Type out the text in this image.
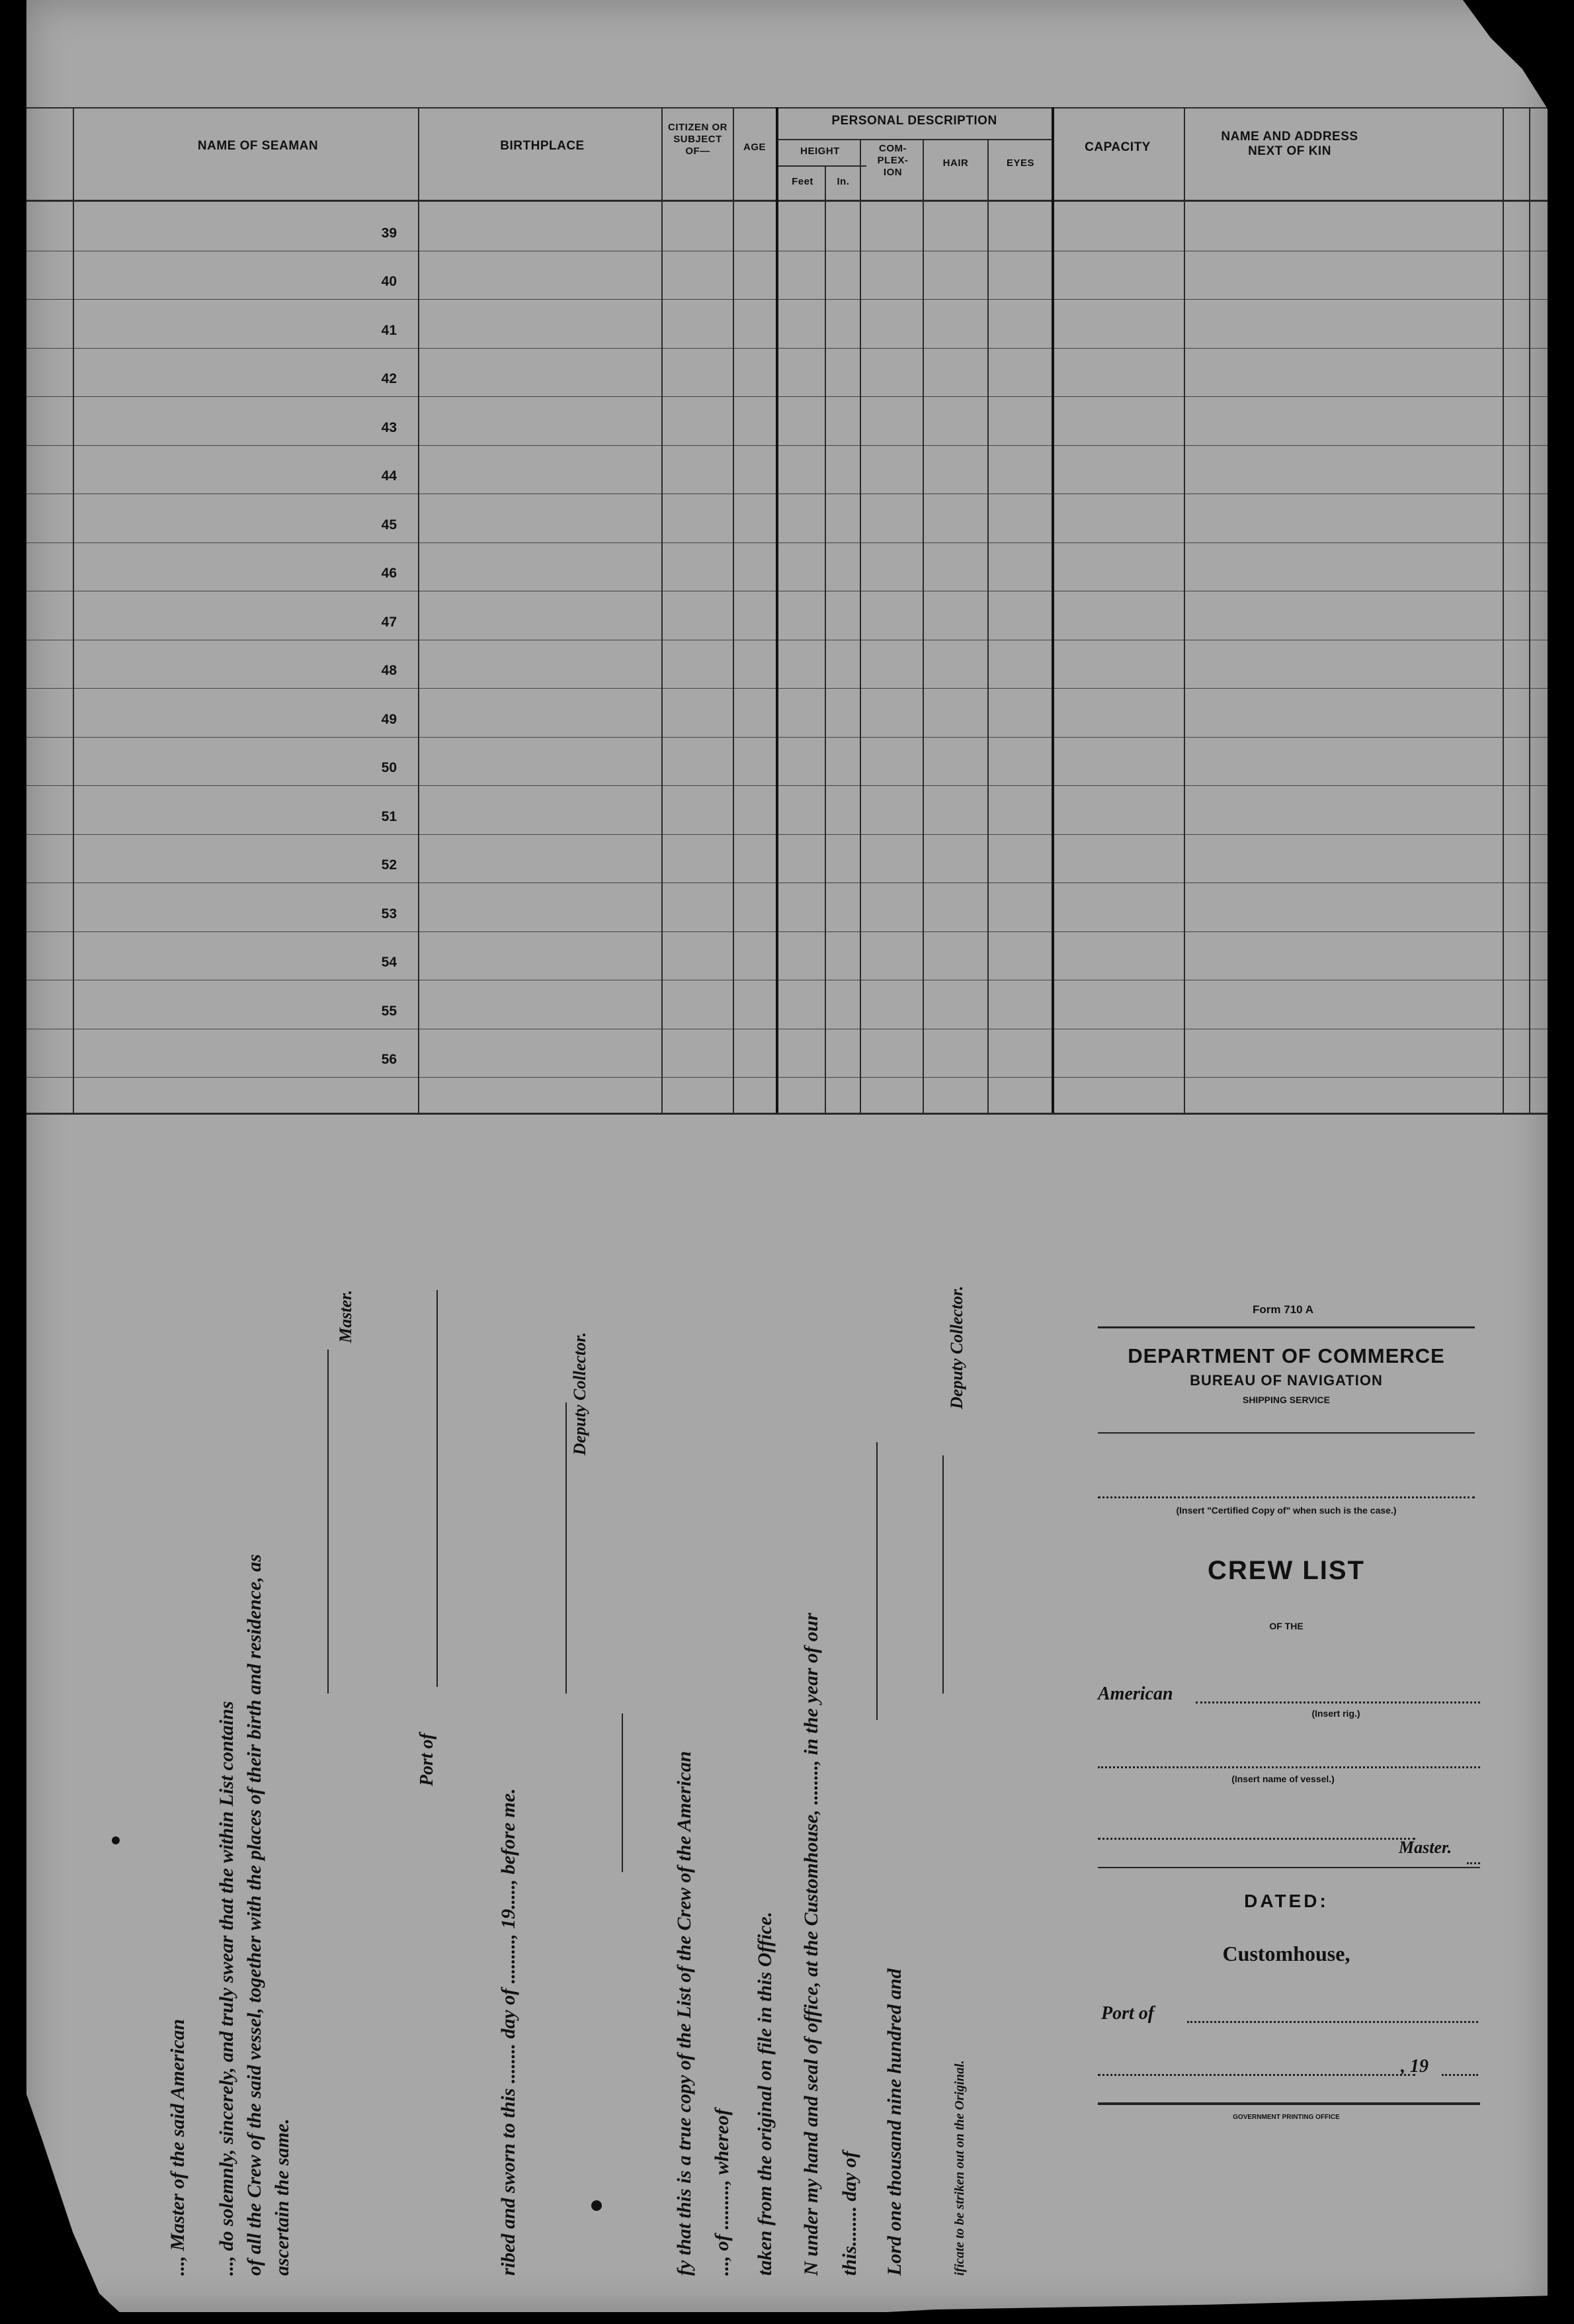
NAME OF SEAMAN	BIRTHPLACE
CITIZEN OR SUBJECT OF—	AGE
PERSONAL DESCRIPTION
HEIGHT
Feet	In.
COM- PLEX- ION
HAIR	EYES
CAPACITY
NAME AND ADDRESS NEXT OF KIN
39
40
41
42
43
44
45
46
47
48
49
50
51
52
53
54
55
56
..., Master of the said American ..., do solemnly, sincerely, and truly swear that the within List contains of all the Crew of the said vessel, together with the places of their birth and residence, as ascertain the same.
Master.
Port of
ribed and sworn to this ........ day of ........., 19....., before me.
Deputy Collector.
fy that this is a true copy of the List of the Crew of the American ..., of ........., whereof taken from the original on file in this Office. N under my hand and seal of office, at the Customhouse, ........, in the year of our this........ day of Lord one thousand nine hundred and
Deputy Collector.
ificate to be striken out on the Original.
Form 710 A
DEPARTMENT OF COMMERCE
BUREAU OF NAVIGATION
SHIPPING SERVICE
(Insert "Certified Copy of" when such is the case.)
CREW LIST
OF THE
American
(Insert rig.)
(Insert name of vessel.)
Master.
DATED:
Customhouse,
Port of
, 19
GOVERNMENT PRINTING OFFICE
